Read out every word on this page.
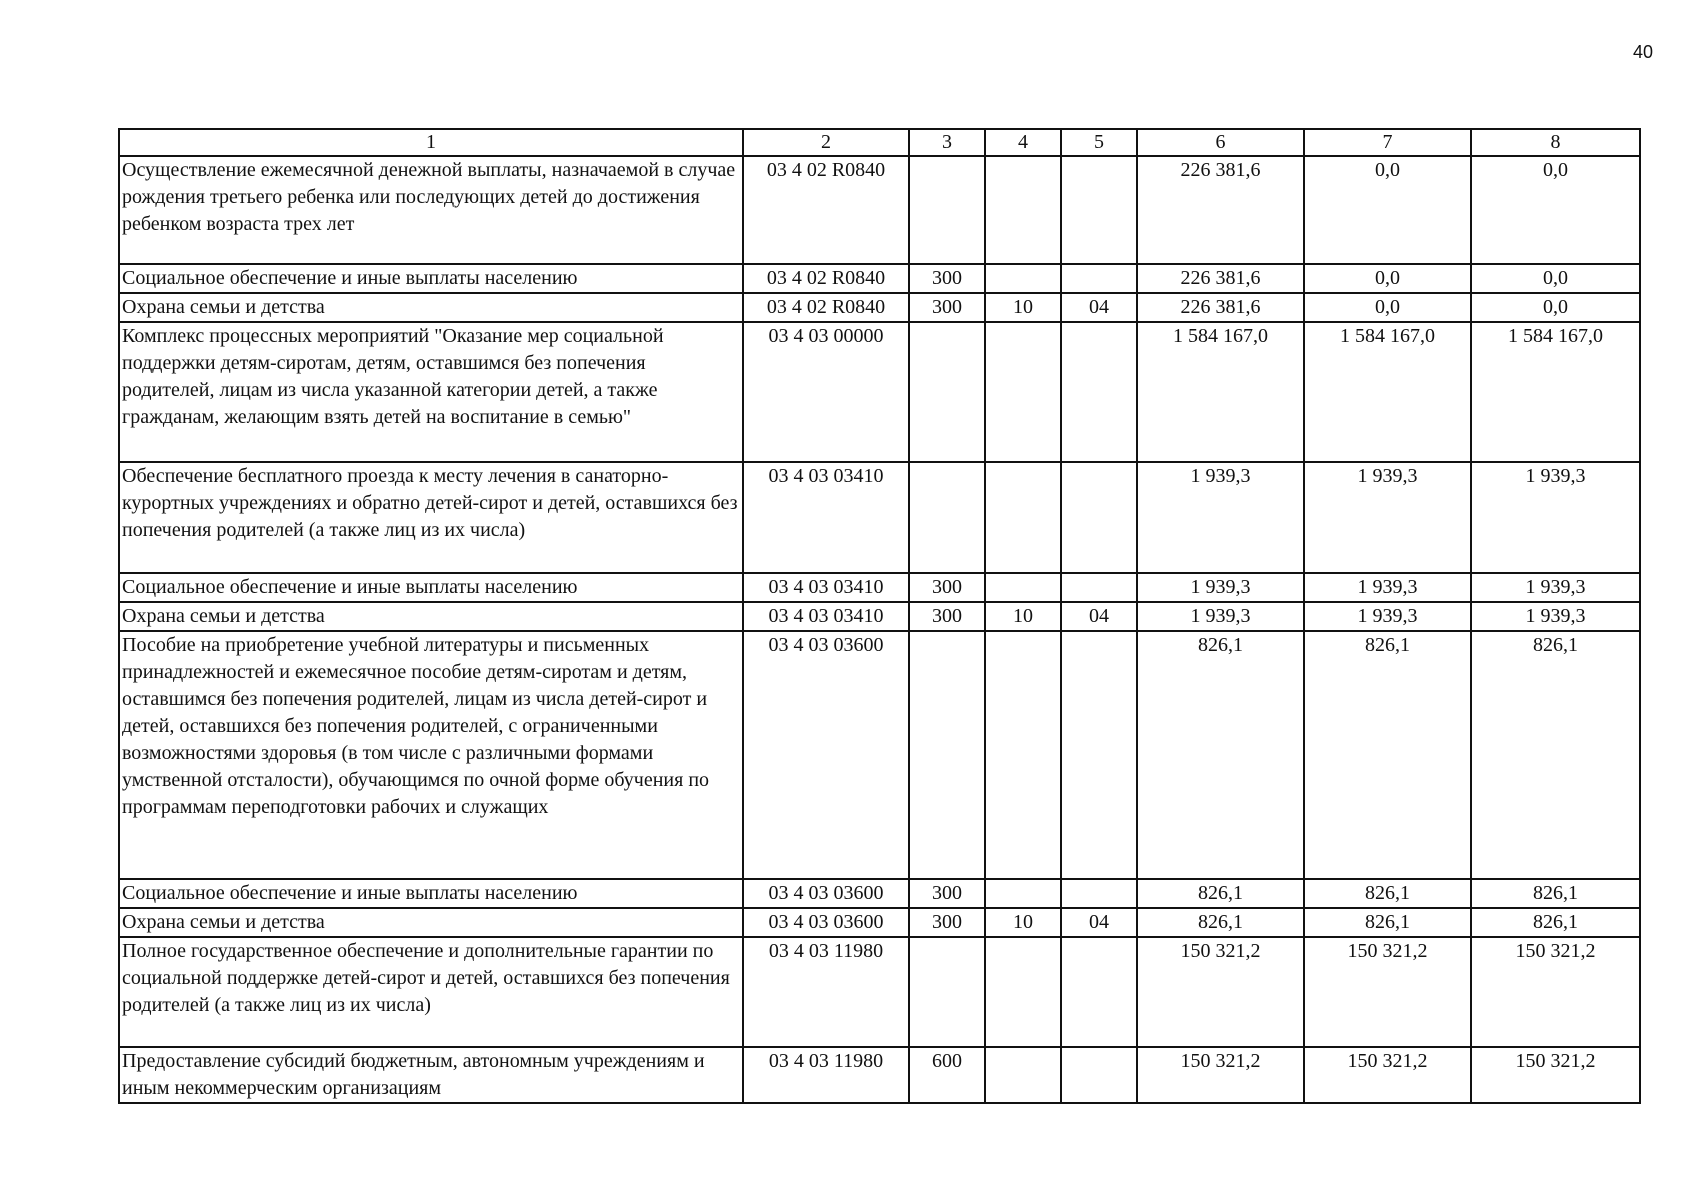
40
1	2	3	4	5	6	7	8
Осуществление ежемесячной денежной выплаты, назначаемой в случае рождения третьего ребенка или последующих детей до достижения ребенком возраста трех лет	03 4 02 R0840				226 381,6	0,0	0,0
Социальное обеспечение и иные выплаты населению	03 4 02 R0840	300			226 381,6	0,0	0,0
Охрана семьи и детства	03 4 02 R0840	300	10	04	226 381,6	0,0	0,0
Комплекс процессных мероприятий "Оказание мер социальной поддержки детям-сиротам, детям, оставшимся без попечения родителей, лицам из числа указанной категории детей, а также гражданам, желающим взять детей на воспитание в семью"	03 4 03 00000				1 584 167,0	1 584 167,0	1 584 167,0
Обеспечение бесплатного проезда к месту лечения в санаторно-курортных учреждениях и обратно детей-сирот и детей, оставшихся без попечения родителей (а также лиц из их числа)	03 4 03 03410				1 939,3	1 939,3	1 939,3
Социальное обеспечение и иные выплаты населению	03 4 03 03410	300			1 939,3	1 939,3	1 939,3
Охрана семьи и детства	03 4 03 03410	300	10	04	1 939,3	1 939,3	1 939,3
Пособие на приобретение учебной литературы и письменных принадлежностей и ежемесячное пособие детям-сиротам и детям, оставшимся без попечения родителей, лицам из числа детей-сирот и детей, оставшихся без попечения родителей, с ограниченными возможностями здоровья (в том числе с различными формами умственной отсталости), обучающимся по очной форме обучения по программам переподготовки рабочих и служащих	03 4 03 03600				826,1	826,1	826,1
Социальное обеспечение и иные выплаты населению	03 4 03 03600	300			826,1	826,1	826,1
Охрана семьи и детства	03 4 03 03600	300	10	04	826,1	826,1	826,1
Полное государственное обеспечение и дополнительные гарантии по социальной поддержке детей-сирот и детей, оставшихся без попечения родителей (а также лиц из их числа)	03 4 03 11980				150 321,2	150 321,2	150 321,2
Предоставление субсидий бюджетным, автономным учреждениям и иным некоммерческим организациям	03 4 03 11980	600			150 321,2	150 321,2	150 321,2
